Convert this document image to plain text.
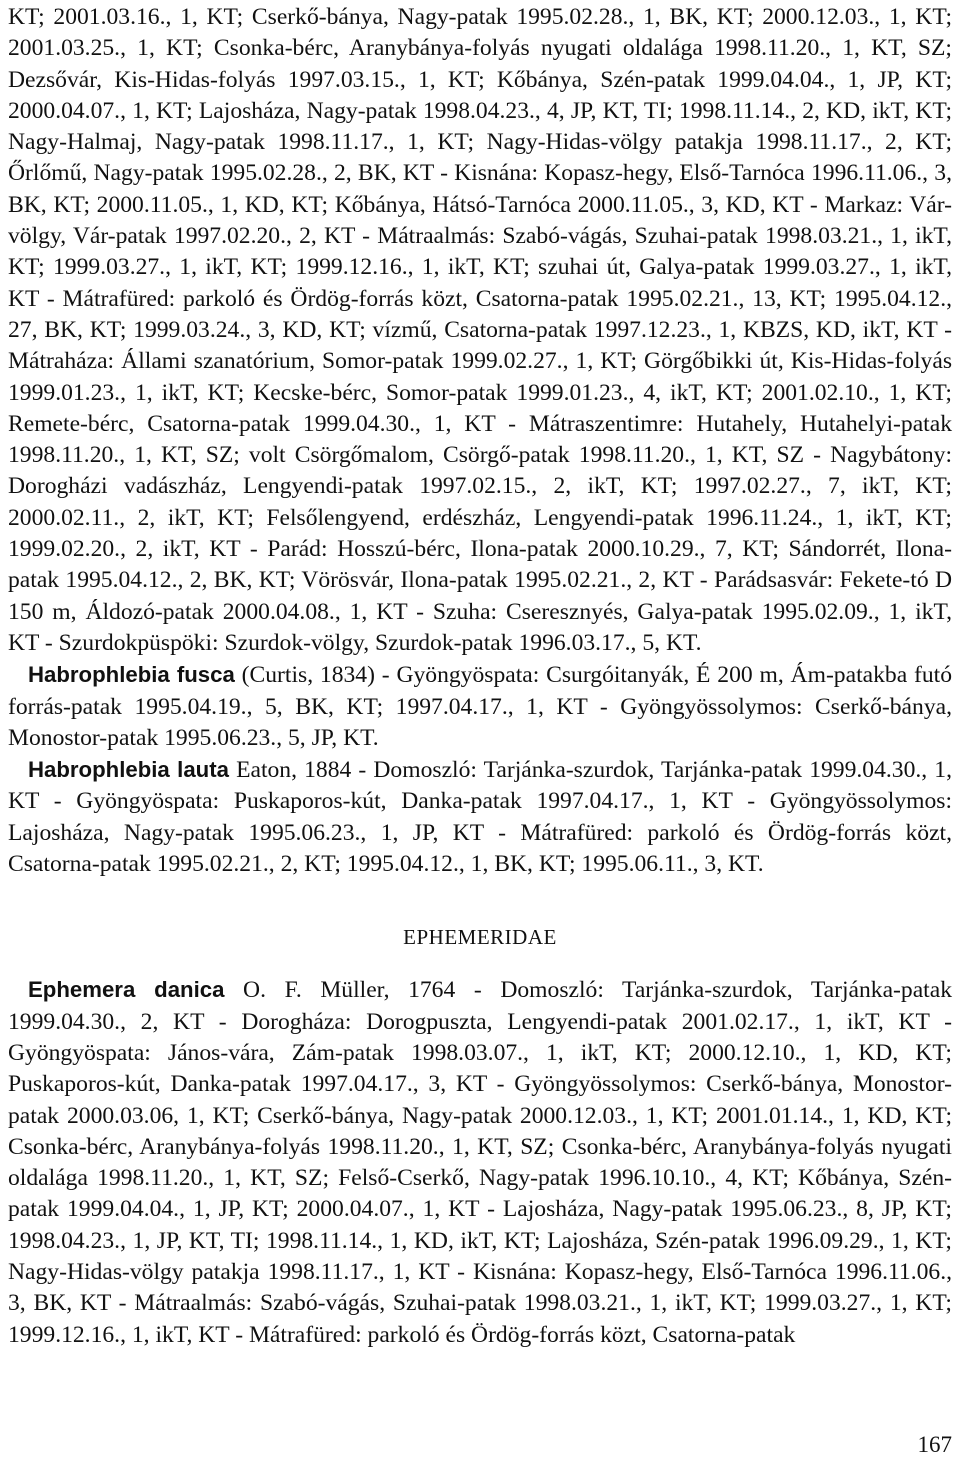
KT; 2001.03.16., 1, KT; Cserkő-bánya, Nagy-patak 1995.02.28., 1, BK, KT; 2000.12.03., 1, KT; 2001.03.25., 1, KT; Csonka-bérc, Aranybánya-folyás nyugati oldalága 1998.11.20., 1, KT, SZ; Dezsővár, Kis-Hidas-folyás 1997.03.15., 1, KT; Kőbánya, Szén-patak 1999.04.04., 1, JP, KT; 2000.04.07., 1, KT; Lajosháza, Nagy-patak 1998.04.23., 4, JP, KT, TI; 1998.11.14., 2, KD, ikT, KT; Nagy-Halmaj, Nagy-patak 1998.11.17., 1, KT; Nagy-Hidas-völgy patakja 1998.11.17., 2, KT; Őrlőmű, Nagy-patak 1995.02.28., 2, BK, KT - Kisnána: Kopasz-hegy, Első-Tarnóca 1996.11.06., 3, BK, KT; 2000.11.05., 1, KD, KT; Kőbánya, Hátsó-Tarnóca 2000.11.05., 3, KD, KT - Markaz: Vár-völgy, Vár-patak 1997.02.20., 2, KT - Mátraalmás: Szabó-vágás, Szuhai-patak 1998.03.21., 1, ikT, KT; 1999.03.27., 1, ikT, KT; 1999.12.16., 1, ikT, KT; szuhai út, Galya-patak 1999.03.27., 1, ikT, KT - Mátrafüred: parkoló és Ördög-forrás közt, Csatorna-patak 1995.02.21., 13, KT; 1995.04.12., 27, BK, KT; 1999.03.24., 3, KD, KT; vízmű, Csatorna-patak 1997.12.23., 1, KBZS, KD, ikT, KT - Mátraháza: Állami szanatórium, Somor-patak 1999.02.27., 1, KT; Görgőbikki út, Kis-Hidas-folyás 1999.01.23., 1, ikT, KT; Kecske-bérc, Somor-patak 1999.01.23., 4, ikT, KT; 2001.02.10., 1, KT; Remete-bérc, Csatorna-patak 1999.04.30., 1, KT - Mátraszentimre: Hutahely, Hutahelyi-patak 1998.11.20., 1, KT, SZ; volt Csörgőmalom, Csörgő-patak 1998.11.20., 1, KT, SZ - Nagybátony: Dorogházi vadászház, Lengyendi-patak 1997.02.15., 2, ikT, KT; 1997.02.27., 7, ikT, KT; 2000.02.11., 2, ikT, KT; Felsőlengyend, erdészház, Lengyendi-patak 1996.11.24., 1, ikT, KT; 1999.02.20., 2, ikT, KT - Parád: Hosszú-bérc, Ilona-patak 2000.10.29., 7, KT; Sándorrét, Ilona-patak 1995.04.12., 2, BK, KT; Vörösvár, Ilona-patak 1995.02.21., 2, KT - Parádsasvár: Fekete-tó D 150 m, Áldozó-patak 2000.04.08., 1, KT - Szuha: Cseresznyés, Galya-patak 1995.02.09., 1, ikT, KT - Szurdokpüspöki: Szurdok-völgy, Szurdok-patak 1996.03.17., 5, KT.

Habrophlebia fusca (Curtis, 1834) - Gyöngyöspata: Csurgóitanyák, É 200 m, Ám-patakba futó forrás-patak 1995.04.19., 5, BK, KT; 1997.04.17., 1, KT - Gyöngyössolymos: Cserkő-bánya, Monostor-patak 1995.06.23., 5, JP, KT.

Habrophlebia lauta Eaton, 1884 - Domoszló: Tarjánka-szurdok, Tarjánka-patak 1999.04.30., 1, KT - Gyöngyöspata: Puskaporos-kút, Danka-patak 1997.04.17., 1, KT - Gyöngyössolymos: Lajosháza, Nagy-patak 1995.06.23., 1, JP, KT - Mátrafüred: parkoló és Ördög-forrás közt, Csatorna-patak 1995.02.21., 2, KT; 1995.04.12., 1, BK, KT; 1995.06.11., 3, KT.

EPHEMERIDAE

Ephemera danica O. F. Müller, 1764 - Domoszló: Tarjánka-szurdok, Tarjánka-patak 1999.04.30., 2, KT - Dorogháza: Dorogpuszta, Lengyendi-patak 2001.02.17., 1, ikT, KT - Gyöngyöspata: János-vára, Zám-patak 1998.03.07., 1, ikT, KT; 2000.12.10., 1, KD, KT; Puskaporos-kút, Danka-patak 1997.04.17., 3, KT - Gyöngyössolymos: Cserkő-bánya, Monostor-patak 2000.03.06, 1, KT; Cserkő-bánya, Nagy-patak 2000.12.03., 1, KT; 2001.01.14., 1, KD, KT; Csonka-bérc, Aranybánya-folyás 1998.11.20., 1, KT, SZ; Csonka-bérc, Aranybánya-folyás nyugati oldalága 1998.11.20., 1, KT, SZ; Felső-Cserkő, Nagy-patak 1996.10.10., 4, KT; Kőbánya, Szén-patak 1999.04.04., 1, JP, KT; 2000.04.07., 1, KT - Lajosháza, Nagy-patak 1995.06.23., 8, JP, KT; 1998.04.23., 1, JP, KT, TI; 1998.11.14., 1, KD, ikT, KT; Lajosháza, Szén-patak 1996.09.29., 1, KT; Nagy-Hidas-völgy patakja 1998.11.17., 1, KT - Kisnána: Kopasz-hegy, Első-Tarnóca 1996.11.06., 3, BK, KT - Mátraalmás: Szabó-vágás, Szuhai-patak 1998.03.21., 1, ikT, KT; 1999.03.27., 1, KT; 1999.12.16., 1, ikT, KT - Mátrafüred: parkoló és Ördög-forrás közt, Csatorna-patak

167
